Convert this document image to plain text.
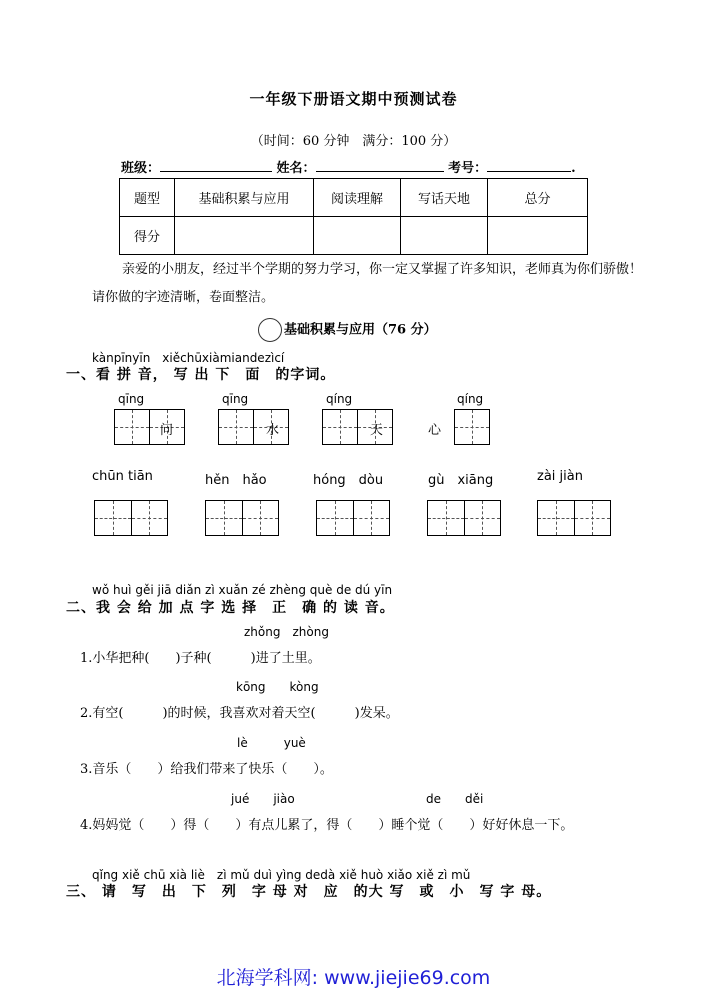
一年级下册语文期中预测试卷
（时间：60 分钟　满分：100 分）
班级：	姓名：	考号：	.
题型	基础积累与应用	阅读理解	写话天地	总分
得分				

亲爱的小朋友，经过半个学期的努力学习，你一定又掌握了许多知识，老师真为你们骄傲！

请你做的字迹清晰，卷面整洁。

基础积累与应用（76 分）
kànpīnyīn　xiěchūxiàmiandezìcí
一、看 拼 音， 写 出 下　面　的字词。
qīng
问
qīng
水
qíng
天	心
qíng
chūn tiān	hěn　hǎo	hóng　dòu	gù　xiāng	zài jiàn
wǒ huì gěi jiā diǎn zì xuǎn zé zhèng què de dú yīn
二、我 会 给 加 点 字 选 择　正　确 的 读 音。
zhǒng　zhòng
1.小华把种(　　)子种(　　　)进了土里。
kōng　　kòng
2.有空(　　　)的时候，我喜欢对着天空(　　　)发呆。
lè　　　yuè
3.音乐（　　）给我们带来了快乐（　　）。
jué　　jiào	de　　děi
4.妈妈觉（　　）得（　　）有点儿累了，得（　　）睡个觉（　　）好好休息一下。
qǐng xiě chū xià liè　zì mǔ duì yìng dedà xiě huò xiǎo xiě zì mǔ
三、 请　写　出　下　列　字 母 对　应　的大 写　或　小　写 字 母。
北海学科网: www.jiejie69.com
